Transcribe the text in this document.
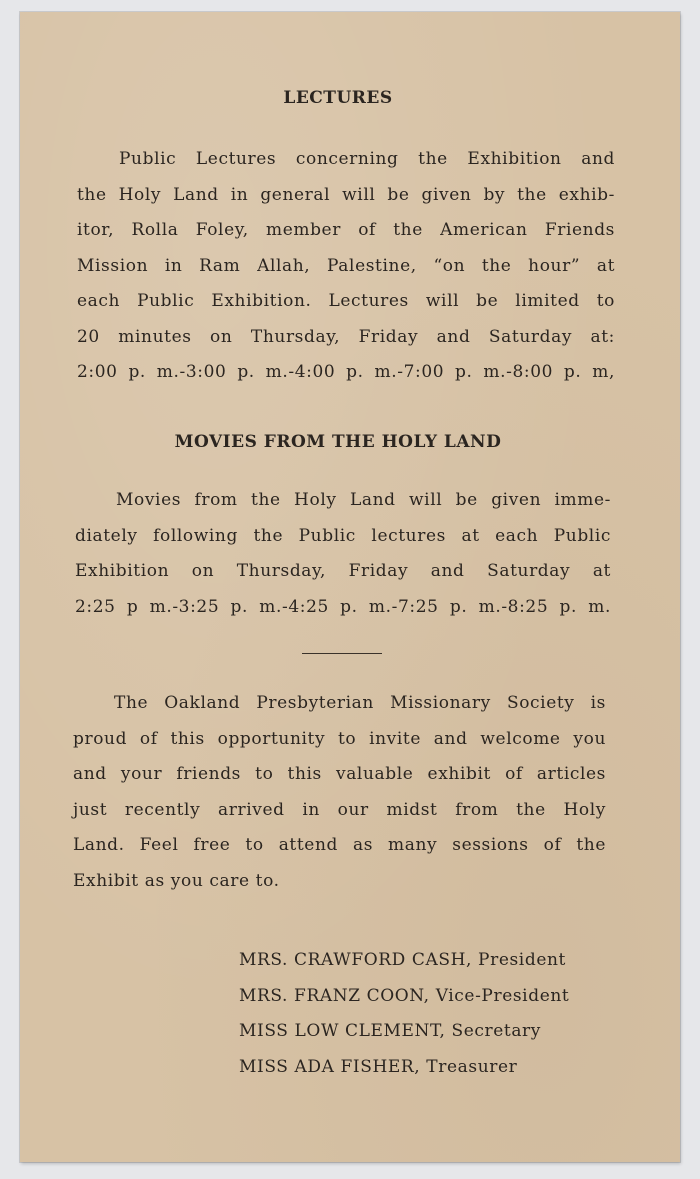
LECTURES
Public Lectures concerning the Exhibition and
the Holy Land in general will be given by the exhib-
itor, Rolla Foley, member of the American Friends
Mission in Ram Allah, Palestine, “on the hour” at
each Public Exhibition. Lectures will be limited to
20 minutes on Thursday, Friday and Saturday at:
2:00 p. m.-3:00 p. m.-4:00 p. m.-7:00 p. m.-8:00 p. m,
MOVIES FROM THE HOLY LAND
Movies from the Holy Land will be given imme-
diately following the Public lectures at each Public
Exhibition on Thursday, Friday and Saturday at
2:25 p m.-3:25 p. m.-4:25 p. m.-7:25 p. m.-8:25 p. m.
The Oakland Presbyterian Missionary Society is
proud of this opportunity to invite and welcome you
and your friends to this valuable exhibit of articles
just recently arrived in our midst from the Holy
Land. Feel free to attend as many sessions of the
Exhibit as you care to.
MRS. CRAWFORD CASH, President
MRS. FRANZ COON, Vice-President
MISS LOW CLEMENT, Secretary
MISS ADA FISHER, Treasurer
